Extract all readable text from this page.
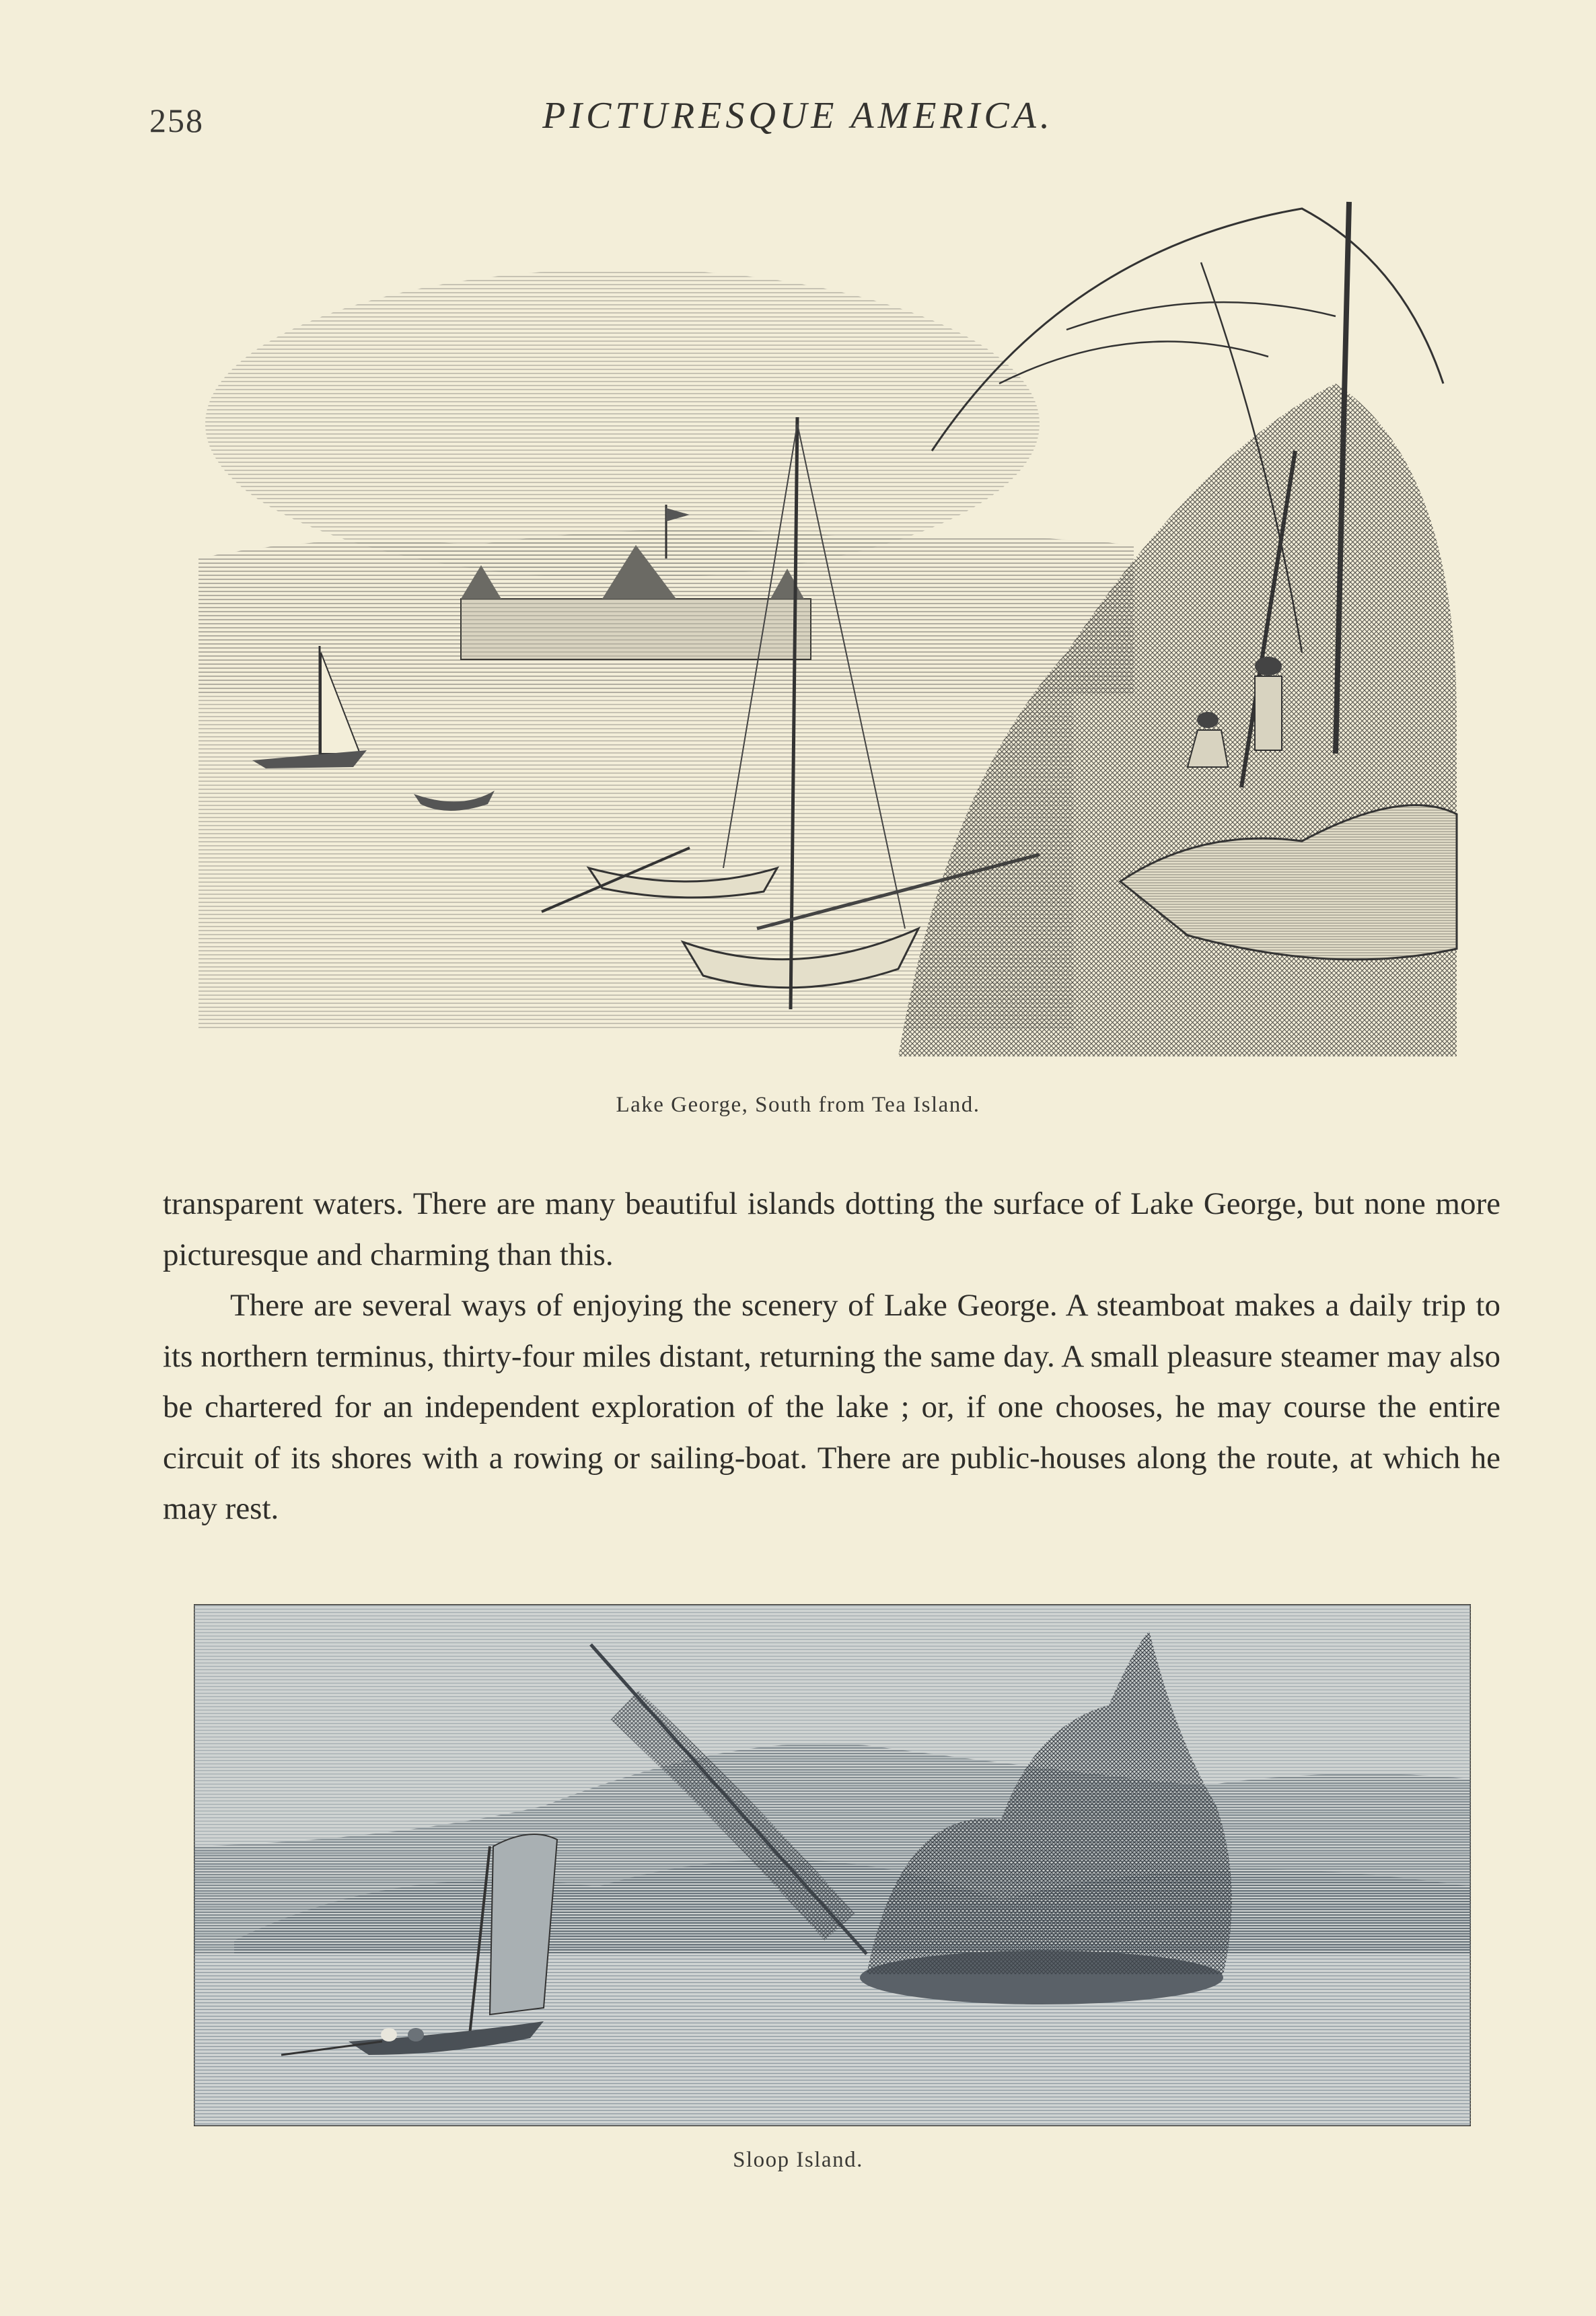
258	PICTURESQUE AMERICA.
Lake George, South from Tea Island.

transparent waters. There are many beautiful islands dotting the surface of Lake George, but none more picturesque and charming than this.

There are several ways of enjoying the scenery of Lake George. A steamboat makes a daily trip to its northern terminus, thirty-four miles distant, returning the same day. A small pleasure steamer may also be chartered for an independent exploration of the lake ; or, if one chooses, he may course the entire circuit of its shores with a rowing or sailing-boat. There are public-houses along the route, at which he may rest.

Sloop Island.
